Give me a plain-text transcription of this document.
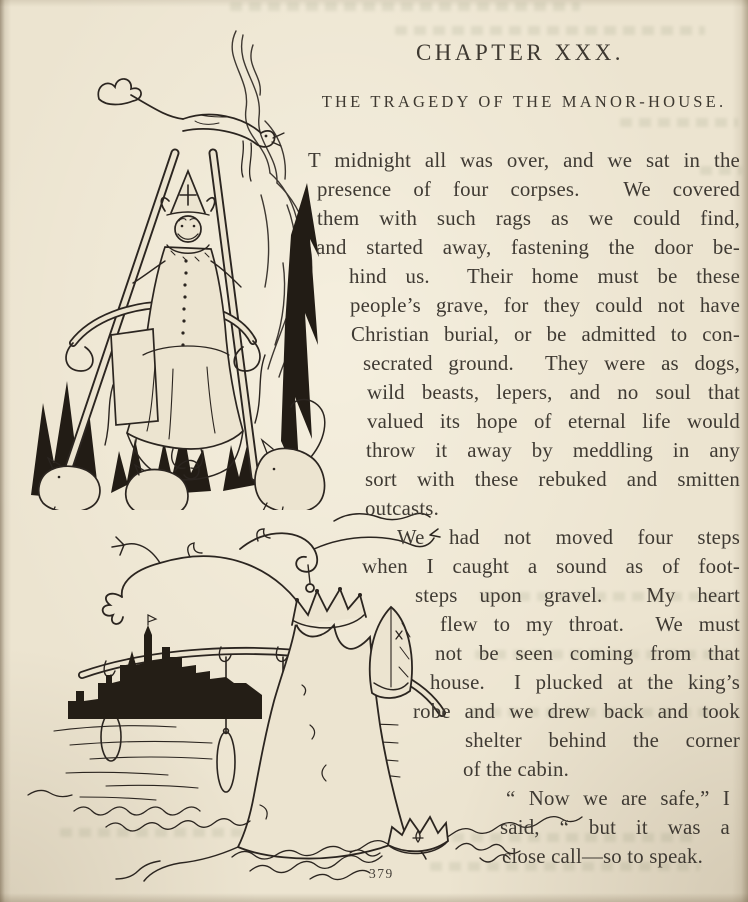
CHAPTER XXX.
THE TRAGEDY OF THE MANOR-HOUSE.
T midnight all was over, and we sat in the
presence of four corpses.  We covered
them with such rags as we could find,
and started away, fastening the door be-
hind us.  Their home must be these
people’s grave, for they could not have
Christian burial, or be admitted to con-
secrated ground.  They were as dogs,
wild beasts, lepers, and no soul that
valued its hope of eternal life would
throw it away by meddling in any
sort with these rebuked and smitten
outcasts.
We had not moved four steps
when I caught a sound as of foot-
steps upon gravel.  My heart
flew to my throat.  We must
not be seen coming from that
house.  I plucked at the king’s
robe and we drew back and took
shelter behind the corner
of the cabin.
“ Now we are safe,” I
said, “ but it was a
close call—so to speak.
379
